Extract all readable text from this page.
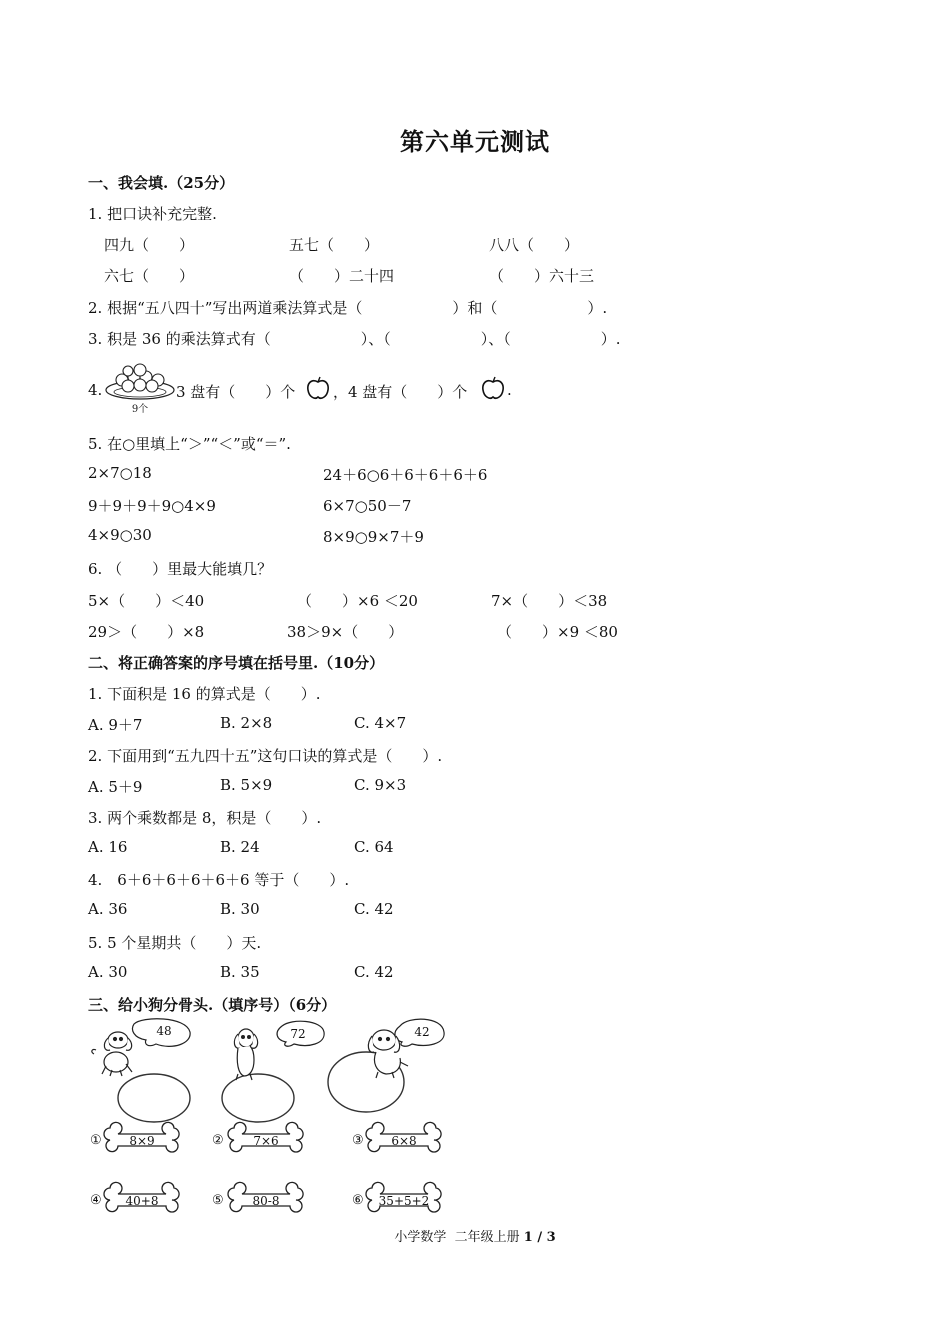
第六单元测试
一、我会填.（25分）
1. 把口诀补充完整.
四九（　　）	五七（　　）	八八（　　）
六七（　　）	（　　）二十四	（　　）六十三
2. 根据“五八四十”写出两道乘法算式是（　　　　　　）和（　　　　　　）.
3. 积是 36 的乘法算式有（　　　　　　）、（　　　　　　）、（　　　　　　）.
4.
9个
3 盘有（　　）个	，4 盘有（　　）个	.
5. 在○里填上“＞”“＜”或“＝”.
2×7○18	24＋6○6＋6＋6＋6＋6
9＋9＋9＋9○4×9	6×7○50－7
4×9○30	8×9○9×7＋9
6. （　　）里最大能填几？
5×（　　）＜40	（　　）×6 ＜20	7×（　　）＜38
29＞（　　）×8	38＞9×（　　）	（　　）×9 ＜80
二、将正确答案的序号填在括号里.（10分）
1. 下面积是 16 的算式是（　　）.
A. 9＋7	B. 2×8	C. 4×7
2. 下面用到“五九四十五”这句口诀的算式是（　　）.
A. 5＋9	B. 5×9	C. 9×3
3. 两个乘数都是 8，积是（　　）.
A. 16	B. 24	C. 64
4.　6＋6＋6＋6＋6＋6 等于（　　）.
A. 36	B. 30	C. 42
5. 5 个星期共（　　）天.
A. 30	B. 35	C. 42
三、给小狗分骨头.（填序号）（6分）
48	72	42
① 8×9	② 7×6	③ 6×8
④ 40+8	⑤ 80-8	⑥ 35+5+2
小学数学  二年级上册 1 / 3
